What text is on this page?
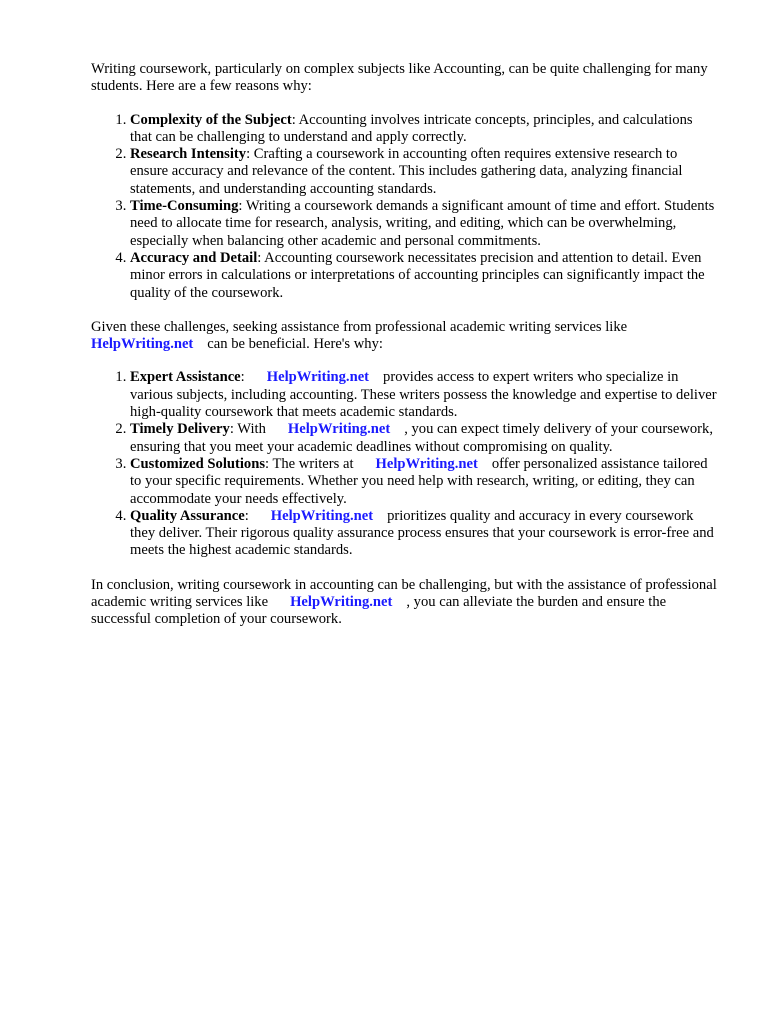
Writing coursework, particularly on complex subjects like Accounting, can be quite challenging for many students. Here are a few reasons why:

1. Complexity of the Subject: Accounting involves intricate concepts, principles, and calculations that can be challenging to understand and apply correctly.
2. Research Intensity: Crafting a coursework in accounting often requires extensive research to ensure accuracy and relevance of the content. This includes gathering data, analyzing financial statements, and understanding accounting standards.
3. Time-Consuming: Writing a coursework demands a significant amount of time and effort. Students need to allocate time for research, analysis, writing, and editing, which can be overwhelming, especially when balancing other academic and personal commitments.
4. Accuracy and Detail: Accounting coursework necessitates precision and attention to detail. Even minor errors in calculations or interpretations of accounting principles can significantly impact the quality of the coursework.

Given these challenges, seeking assistance from professional academic writing services like
HelpWriting.net can be beneficial. Here's why:

1. Expert Assistance: HelpWriting.net provides access to expert writers who specialize in various subjects, including accounting. These writers possess the knowledge and expertise to deliver high-quality coursework that meets academic standards.
2. Timely Delivery: With HelpWriting.net , you can expect timely delivery of your coursework, ensuring that you meet your academic deadlines without compromising on quality.
3. Customized Solutions: The writers at HelpWriting.net offer personalized assistance tailored to your specific requirements. Whether you need help with research, writing, or editing, they can accommodate your needs effectively.
4. Quality Assurance: HelpWriting.net prioritizes quality and accuracy in every coursework they deliver. Their rigorous quality assurance process ensures that your coursework is error-free and meets the highest academic standards.

In conclusion, writing coursework in accounting can be challenging, but with the assistance of professional academic writing services like HelpWriting.net , you can alleviate the burden and ensure the successful completion of your coursework.
